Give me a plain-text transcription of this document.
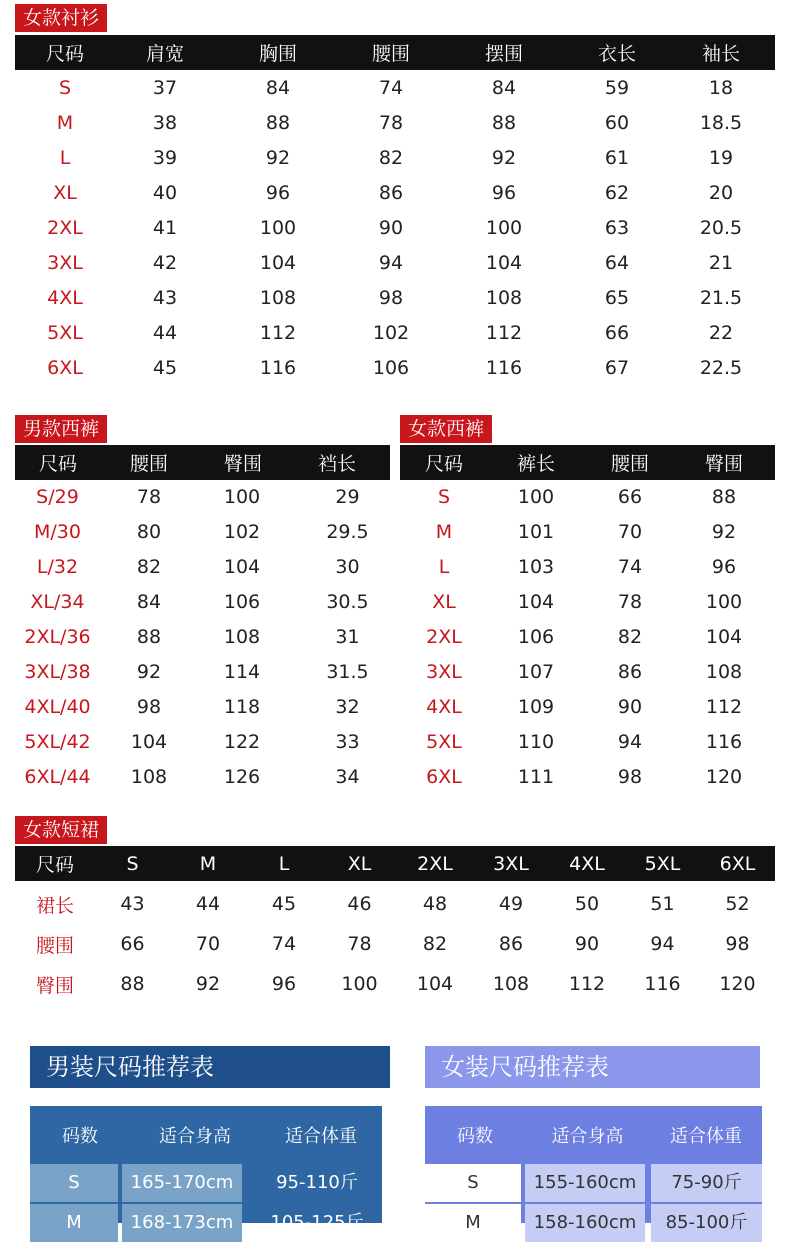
女款衬衫
尺码	肩宽	胸围	腰围	摆围	衣长	袖长
S	37	84	74	84	59	18
M	38	88	78	88	60	18.5
L	39	92	82	92	61	19
XL	40	96	86	96	62	20
2XL	41	100	90	100	63	20.5
3XL	42	104	94	104	64	21
4XL	43	108	98	108	65	21.5
5XL	44	112	102	112	66	22
6XL	45	116	106	116	67	22.5
男款西裤
尺码	腰围	臀围	裆长
S/29	78	100	29
M/30	80	102	29.5
L/32	82	104	30
XL/34	84	106	30.5
2XL/36	88	108	31
3XL/38	92	114	31.5
4XL/40	98	118	32
5XL/42	104	122	33
6XL/44	108	126	34
女款西裤
尺码	裤长	腰围	臀围
S	100	66	88
M	101	70	92
L	103	74	96
XL	104	78	100
2XL	106	82	104
3XL	107	86	108
4XL	109	90	112
5XL	110	94	116
6XL	111	98	120
女款短裙
尺码	S	M	L	XL	2XL	3XL	4XL	5XL	6XL
裙长	43	44	45	46	48	49	50	51	52
腰围	66	70	74	78	82	86	90	94	98
臀围	88	92	96	100	104	108	112	116	120
男装尺码推荐表
码数	适合身高	适合体重
S	165-170cm	95-110斤
M	168-173cm	105-125斤
女装尺码推荐表
码数	适合身高	适合体重
S	155-160cm	75-90斤
M	158-160cm	85-100斤
